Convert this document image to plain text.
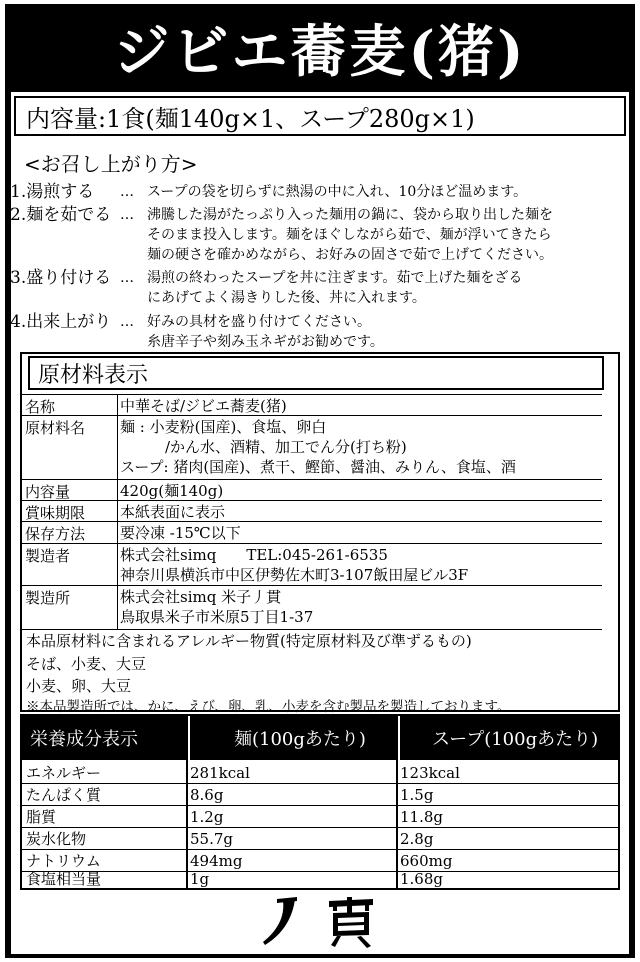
ジビエ蕎麦(猪)
内容量:1食(麺140g×1、スープ280g×1)
<お召し上がり方>
1.湯煎する … スープの袋を切らずに熱湯の中に入れ、10分ほど温めます。
2.麺を茹でる … 沸騰した湯がたっぷり入った麺用の鍋に、袋から取り出した麺を
そのまま投入します。麺をほぐしながら茹で、麺が浮いてきたら
麺の硬さを確かめながら、お好みの固さで茹で上げてください。
3.盛り付ける … 湯煎の終わったスープを丼に注ぎます。茹で上げた麺をざる
にあげてよく湯きりした後、丼に入れます。
4.出来上がり … 好みの具材を盛り付けてください。
糸唐辛子や刻み玉ネギがお勧めです。
原材料表示
名称	中華そば/ジビエ蕎麦(猪)
原材料名 麺 : 小麦粉(国産)、食塩、卵白
　　　/かん水、酒精、加工でん分(打ち粉)
スープ: 猪肉(国産)、煮干、鰹節、醤油、みりん、食塩、酒
内容量	420g(麺140g)
賞味期限 本紙表面に表示
保存方法 要冷凍 -15℃以下
製造者	株式会社simq　　TEL:045-261-6535
神奈川県横浜市中区伊勢佐木町3-107飯田屋ビル3F
製造所	株式会社simq 米子丿貫
鳥取県米子市米原5丁目1-37
本品原材料に含まれるアレルギー物質(特定原材料及び準ずるもの)
そば、小麦、大豆
小麦、卵、大豆
※本品製造所では、かに、えび、卵、乳、小麦を含む製品を製造しております。
栄養成分表示	麺(100gあたり)	スープ(100gあたり)
エネルギー	281kcal	123kcal
たんぱく質	8.6g	1.5g
脂質	1.2g	11.8g
炭水化物	55.7g	2.8g
ナトリウム	494mg	660mg
食塩相当量	1g	1.68g
